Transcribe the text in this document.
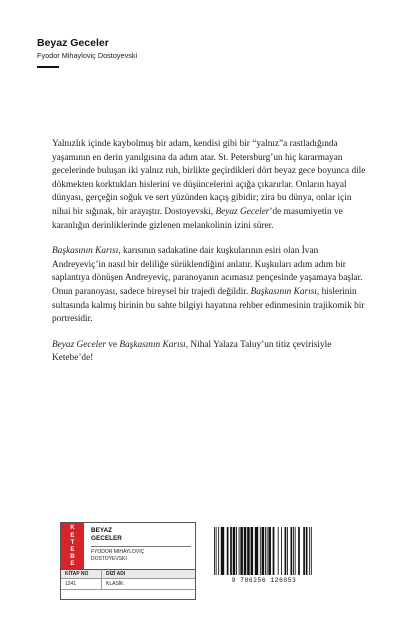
Beyaz Geceler
Fyodor Mihayloviç Dostoyevski

Yalnızlık içinde kaybolmuş bir adam, kendisi gibi bir “yalnız”a rastladığında yaşamının en derin yanılgısına da adım atar. St. Petersburg’un hiç kararmayan gecelerinde buluşan iki yalnız ruh, birlikte geçirdikleri dört beyaz gece boyunca dile dökmekten korktukları hislerini ve düşüncelerini açığa çıkarırlar. Onların hayal dünyası, gerçeğin soğuk ve sert yüzünden kaçış gibidir; zira bu dünya, onlar için nihai bir sığınak, bir arayıştır. Dostoyevski, Beyaz Geceler’de masumiyetin ve karanlığın derinliklerinde gizlenen melankolinin izini sürer.

Başkasının Karısı, karısının sadakatine dair kuşkularının esiri olan İvan Andreyeviç’in nasıl bir deliliğe sürüklendiğini anlatır. Kuşkuları adım adım bir saplantıya dönüşen Andreyeviç, paranoyanın acımasız pençesinde yaşamaya başlar. Onun paranoyası, sadece bireysel bir trajedi değildir. Başkasının Karısı, hislerinin sultasında kalmış birinin bu sahte bilgiyi hayatına rehber edinmesinin trajikomik bir portresidir.

Beyaz Geceler ve Başkasının Karısı, Nihal Yalaza Taluy’un titiz çevirisiyle Ketebe’de!

K
E
T
E
B
E
BEYAZ
GECELER
FYODOR MIHAYLOVIÇ
DOSTOYEVSKİ
KİTAP NO	DİZİ ADI
1241	KLASİK	9 786256 126053
